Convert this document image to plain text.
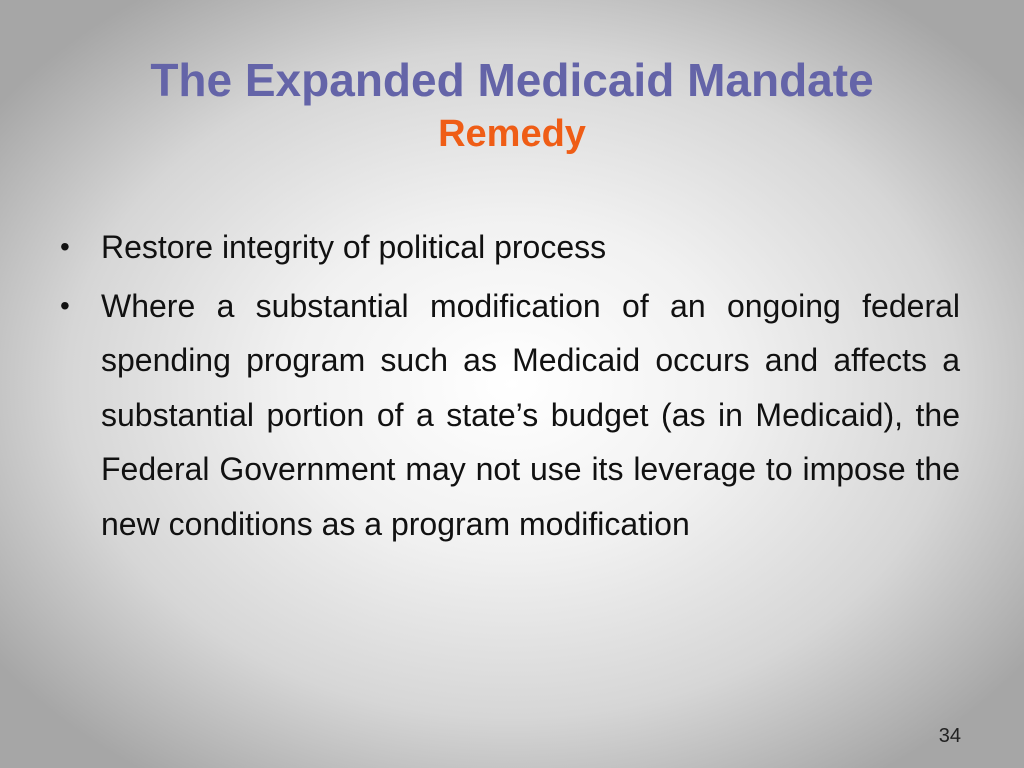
The Expanded Medicaid Mandate
Remedy
• Restore integrity of political process
• Where a substantial modification of an ongoing federal spending program such as Medicaid occurs and affects a substantial portion of a state’s budget (as in Medicaid), the Federal Government may not use its leverage to impose the new conditions as a program modification
34
